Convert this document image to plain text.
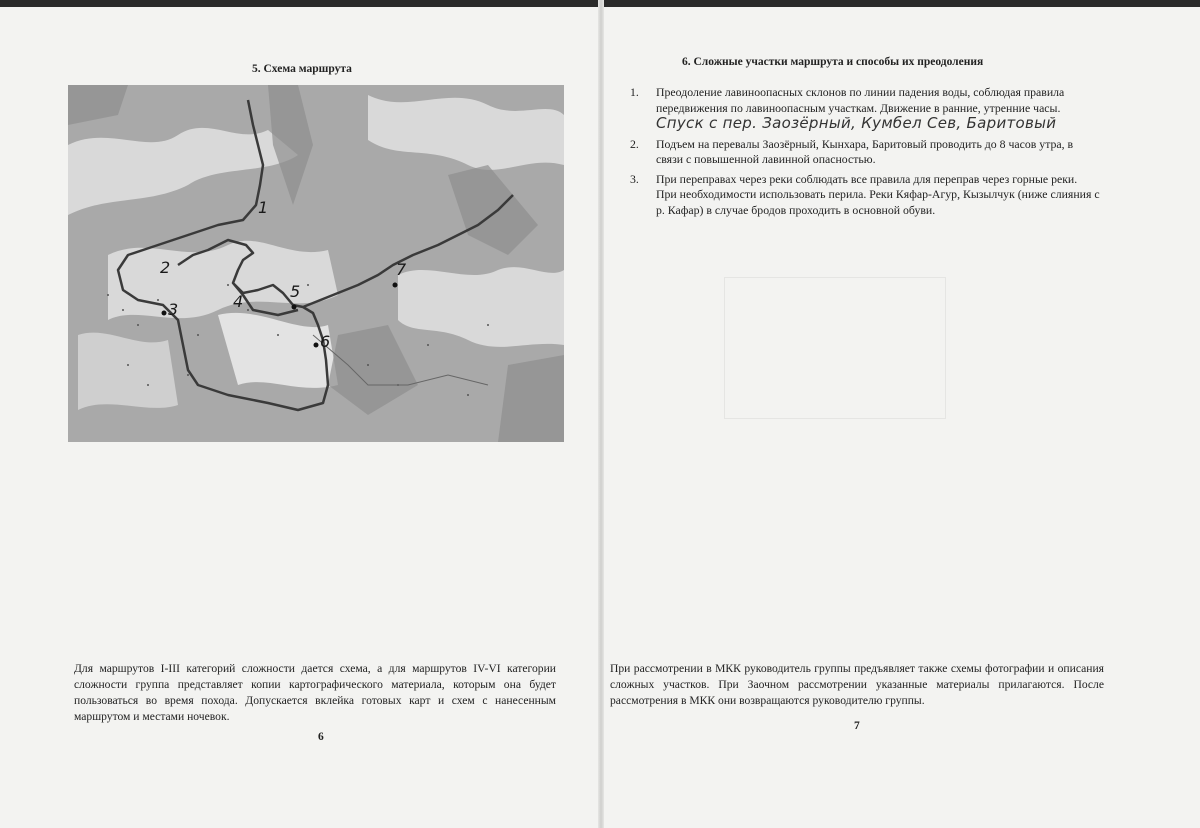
5. Схема маршрута
1
2
3	4
5
6
7
Для маршрутов I-III категорий сложности дается схема, а для маршрутов IV-VI категории сложности группа представляет копии картографического материала, которым она будет пользоваться во время похода. Допускается вклейка готовых карт и схем с нанесенным маршрутом и местами ночевок.
6
6. Сложные участки маршрута и способы их преодоления
1. Преодоление лавиноопасных склонов по линии падения воды, соблюдая правила передвижения по лавиноопасным участкам. Движение в ранние, утренние часы. Спуск с пер. Заозёрный, Кумбел Сев, Баритовый
2. Подъем на перевалы Заозёрный, Кынхара, Баритовый проводить до 8 часов утра, в связи с повышенной лавинной опасностью.
3. При переправах через реки соблюдать все правила для переправ через горные реки. При необходимости использовать перила. Реки Кяфар-Агур, Кызылчук (ниже слияния с р. Кафар) в случае бродов проходить в основной обуви.
При рассмотрении в МКК руководитель группы предъявляет также схемы фотографии и описания сложных участков. При Заочном рассмотрении указанные материалы прилагаются. После рассмотрения в МКК они возвращаются руководителю группы.
7
